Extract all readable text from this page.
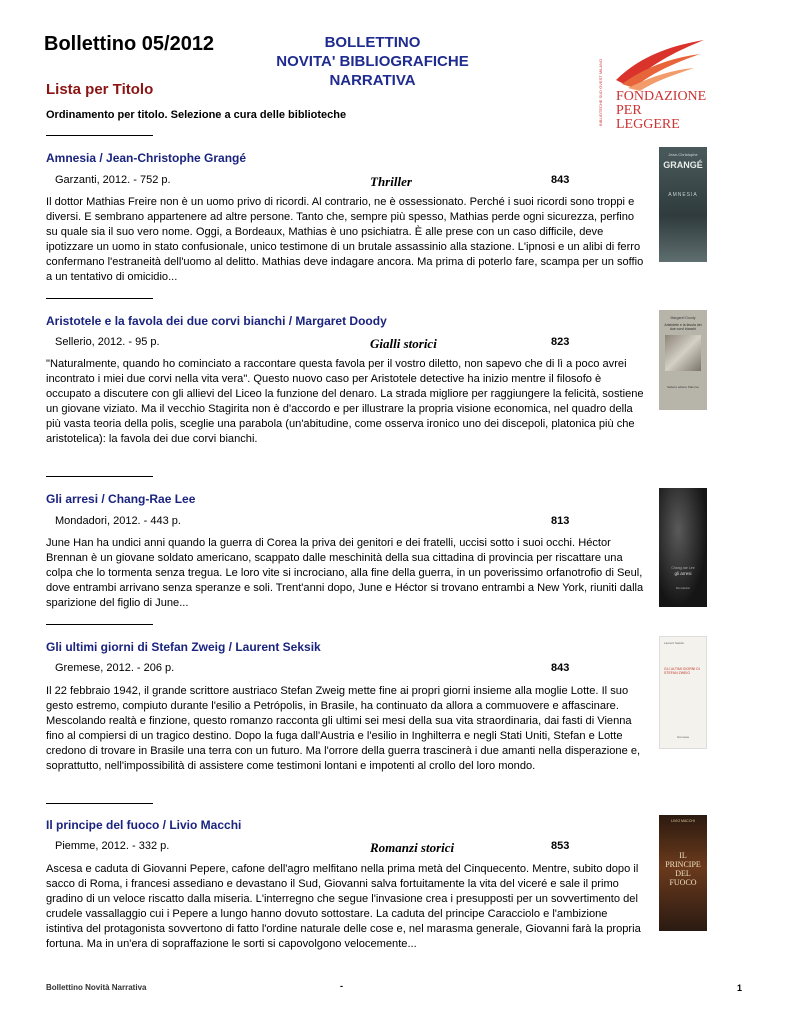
Bollettino 05/2012	BOLLETTINO
NOVITA' BIBLIOGRAFICHE
NARRATIVA	BIBLIOTECHE SUD OVEST MILANO FONDAZIONE
PER LEGGERE
Lista per Titolo
Ordinamento per titolo. Selezione a cura delle biblioteche
Amnesia / Jean-Christophe Grangé
Garzanti, 2012. - 752 p.	Thriller	843
Il dottor Mathias Freire non è un uomo privo di ricordi. Al contrario, ne è ossessionato. Perché i suoi ricordi sono troppi e diversi. E sembrano appartenere ad altre persone. Tanto che, sempre più spesso, Mathias perde ogni sicurezza, perfino su quale sia il suo vero nome. Oggi, a Bordeaux, Mathias è uno psichiatra. È alle prese con un caso difficile, deve ipotizzare un uomo in stato confusionale, unico testimone di un brutale assassinio alla stazione. L'ipnosi e un alibi di ferro confermano l'estraneità dell'uomo al delitto. Mathias deve indagare ancora. Ma prima di poterlo fare, scampa per un soffio a un tentativo di omicidio...
Jean-Christophe
GRANGÉ
AMNESIA
Aristotele e la favola dei due corvi bianchi / Margaret Doody
Sellerio, 2012. - 95 p.	Gialli storici	823
"Naturalmente, quando ho cominciato a raccontare questa favola per il vostro diletto, non sapevo che di lì a poco avrei incontrato i miei due corvi nella vita vera". Questo nuovo caso per Aristotele detective ha inizio mentre il filosofo è occupato a discutere con gli allievi del Liceo la funzione del denaro. La strada migliore per raggiungere la felicità, sostiene un giovane viziato. Ma il vecchio Stagirita non è d'accordo e per illustrare la propria visione economica, nel quadro della più vasta teoria della polis, sceglie una parabola (un'abitudine, come osserva ironico uno dei discepoli, platonica più che aristotelica): la favola dei due corvi bianchi.
Margaret Doody
Aristotele e la favola dei due corvi bianchi
Sellerio editore Palermo
Gli arresi / Chang-Rae Lee
Mondadori, 2012. - 443 p.	813
June Han ha undici anni quando la guerra di Corea la priva dei genitori e dei fratelli, uccisi sotto i suoi occhi. Héctor Brennan è un giovane soldato americano, scappato dalle meschinità della sua cittadina di provincia per riscattare una colpa che lo tormenta senza tregua. Le loro vite si incrociano, alla fine della guerra, in un poverissimo orfanotrofio di Seul, dove entrambi arrivano senza speranze e soli. Trent'anni dopo, June e Héctor si trovano entrambi a New York, riuniti dalla sparizione del figlio di June...
Chang-rae Lee
gli arresi
Mondadori
Gli ultimi giorni di Stefan Zweig / Laurent Seksik
Gremese, 2012. - 206 p.	843
Il 22 febbraio 1942, il grande scrittore austriaco Stefan Zweig mette fine ai propri giorni insieme alla moglie Lotte. Il suo gesto estremo, compiuto durante l'esilio a Petrópolis, in Brasile, ha continuato da allora a commuovere e affascinare. Mescolando realtà e finzione, questo romanzo racconta gli ultimi sei mesi della sua vita straordinaria, dai fasti di Vienna fino al compiersi di un tragico destino. Dopo la fuga dall'Austria e l'esilio in Inghilterra e negli Stati Uniti, Stefan e Lotte credono di trovare in Brasile una terra con un futuro. Ma l'orrore della guerra trascinerà i due amanti nella disperazione e, soprattutto, nell'impossibilità di assistere come testimoni lontani e impotenti al crollo del loro mondo.
Laurent Seksik
GLI ULTIMI GIORNI DI STEFAN ZWEIG
Gremese
Il principe del fuoco / Livio Macchi
Piemme, 2012. - 332 p.	Romanzi storici	853
Ascesa e caduta di Giovanni Pepere, cafone dell'agro melfitano nella prima metà del Cinquecento. Mentre, subito dopo il sacco di Roma, i francesi assediano e devastano il Sud, Giovanni salva fortuitamente la vita del viceré e sale il primo gradino di un veloce riscatto dalla miseria. L'interregno che segue l'invasione crea i presupposti per un sovvertimento del crudele vassallaggio cui i Pepere a lungo hanno dovuto sottostare. La caduta del principe Caracciolo e l'ambizione istintiva del protagonista sovvertono di fatto l'ordine naturale delle cose e, nel marasma generale, Giovanni farà la propria fortuna. Ma in un'era di sopraffazione le sorti si capovolgono velocemente...
LIVIO MACCHI
IL PRINCIPE DEL FUOCO
Bollettino Novità Narrativa	-	1
